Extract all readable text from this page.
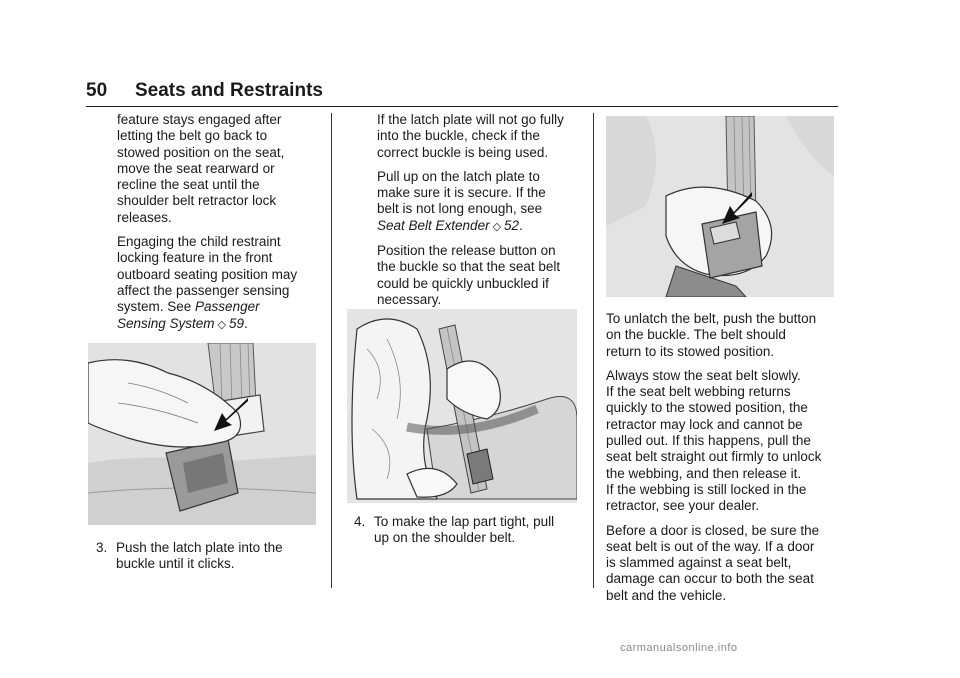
50 Seats and Restraints

feature stays engaged after
letting the belt go back to
stowed position on the seat,
move the seat rearward or
recline the seat until the
shoulder belt retractor lock
releases.

Engaging the child restraint
locking feature in the front
outboard seating position may
affect the passenger sensing
system. See Passenger
Sensing System ◇ 59.

3. Push the latch plate into the
buckle until it clicks.

If the latch plate will not go fully
into the buckle, check if the
correct buckle is being used.

Pull up on the latch plate to
make sure it is secure. If the
belt is not long enough, see
Seat Belt Extender ◇ 52.

Position the release button on
the buckle so that the seat belt
could be quickly unbuckled if
necessary.

4. To make the lap part tight, pull
up on the shoulder belt.

To unlatch the belt, push the button
on the buckle. The belt should
return to its stowed position.

Always stow the seat belt slowly.
If the seat belt webbing returns
quickly to the stowed position, the
retractor may lock and cannot be
pulled out. If this happens, pull the
seat belt straight out firmly to unlock
the webbing, and then release it.
If the webbing is still locked in the
retractor, see your dealer.

Before a door is closed, be sure the
seat belt is out of the way. If a door
is slammed against a seat belt,
damage can occur to both the seat
belt and the vehicle.

carmanualsonline.info
